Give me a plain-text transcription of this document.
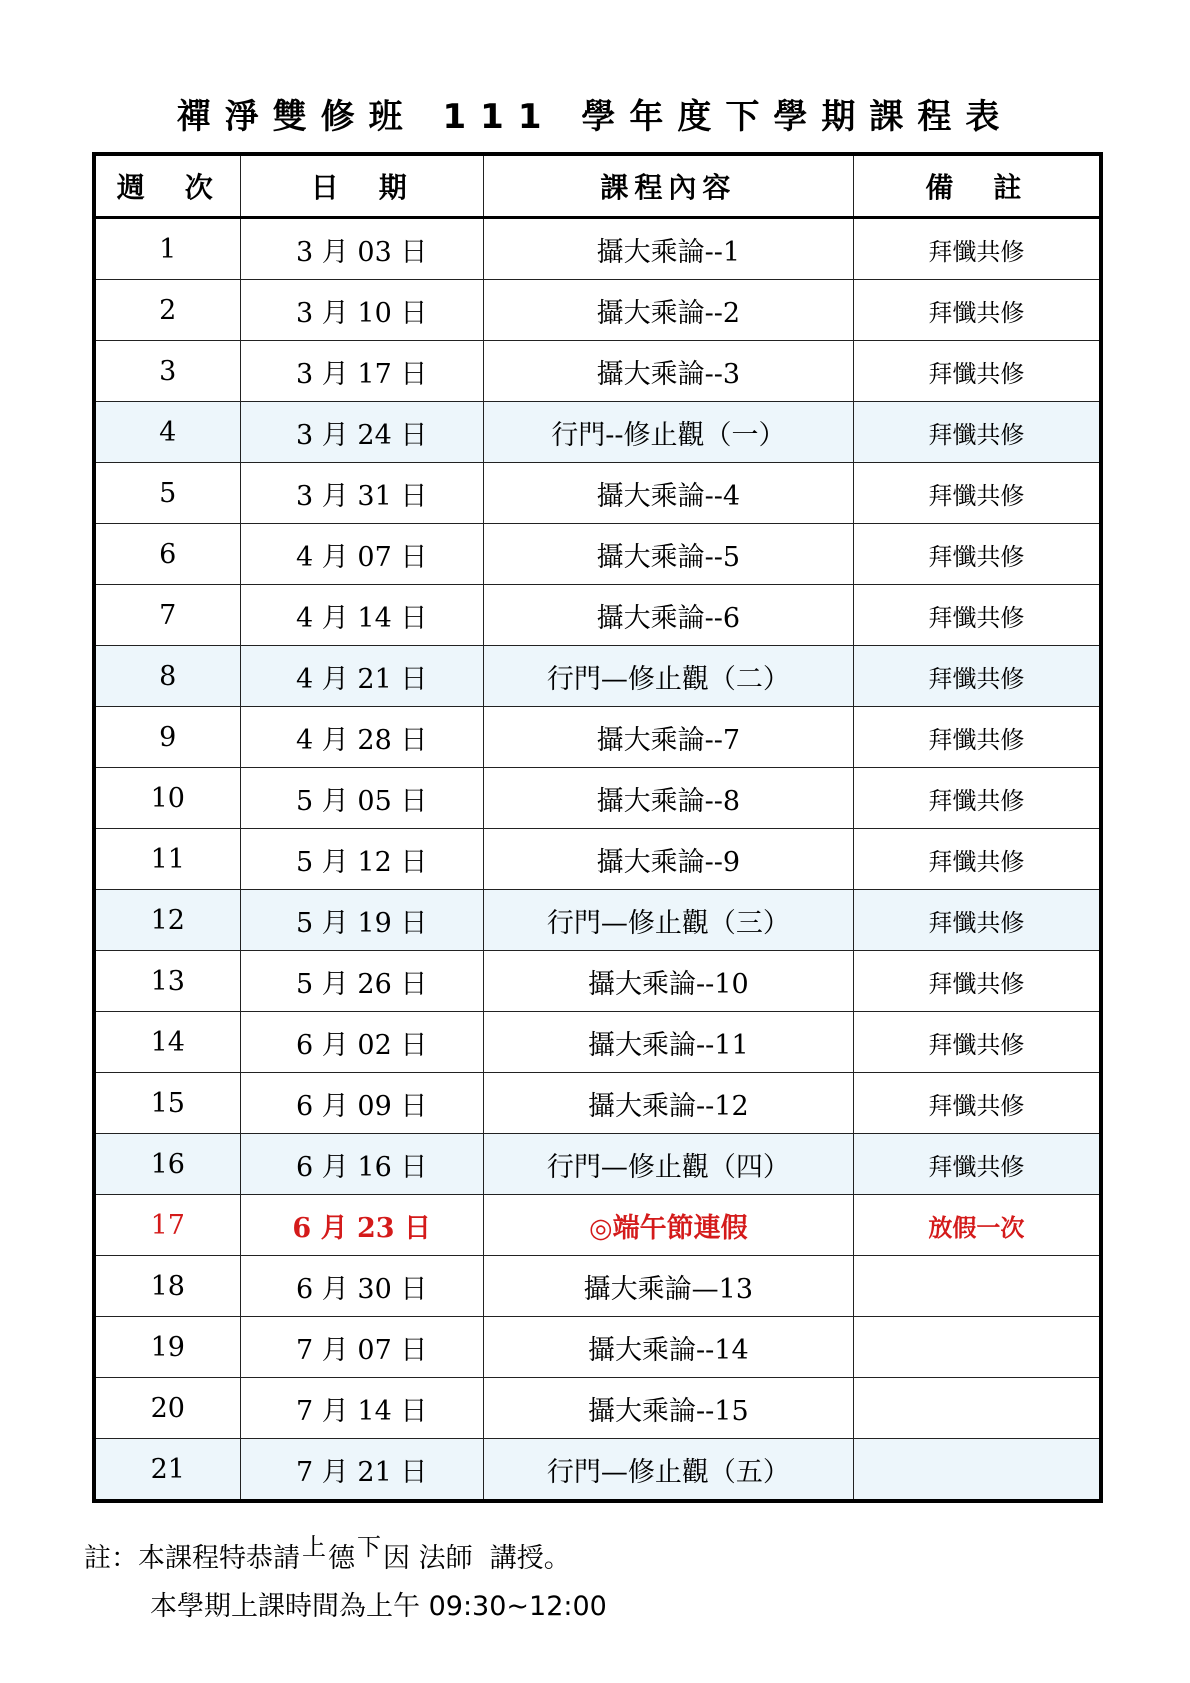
禪淨雙修班 111 學年度下學期課程表
週　次	日　期	課程內容	備　註
1	3 月 03 日	攝大乘論--1	拜懺共修
2	3 月 10 日	攝大乘論--2	拜懺共修
3	3 月 17 日	攝大乘論--3	拜懺共修
4	3 月 24 日	行門--修止觀（一）	拜懺共修
5	3 月 31 日	攝大乘論--4	拜懺共修
6	4 月 07 日	攝大乘論--5	拜懺共修
7	4 月 14 日	攝大乘論--6	拜懺共修
8	4 月 21 日	行門—修止觀（二）	拜懺共修
9	4 月 28 日	攝大乘論--7	拜懺共修
10	5 月 05 日	攝大乘論--8	拜懺共修
11	5 月 12 日	攝大乘論--9	拜懺共修
12	5 月 19 日	行門—修止觀（三）	拜懺共修
13	5 月 26 日	攝大乘論--10	拜懺共修
14	6 月 02 日	攝大乘論--11	拜懺共修
15	6 月 09 日	攝大乘論--12	拜懺共修
16	6 月 16 日	行門—修止觀（四）	拜懺共修
17	6 月 23 日	◎端午節連假	放假一次
18	6 月 30 日	攝大乘論—13	
19	7 月 07 日	攝大乘論--14	
20	7 月 14 日	攝大乘論--15	
21	7 月 21 日	行門—修止觀（五）	
註：本課程特恭請上德下因 法師 講授。
本學期上課時間為上午 09:30~12:00
